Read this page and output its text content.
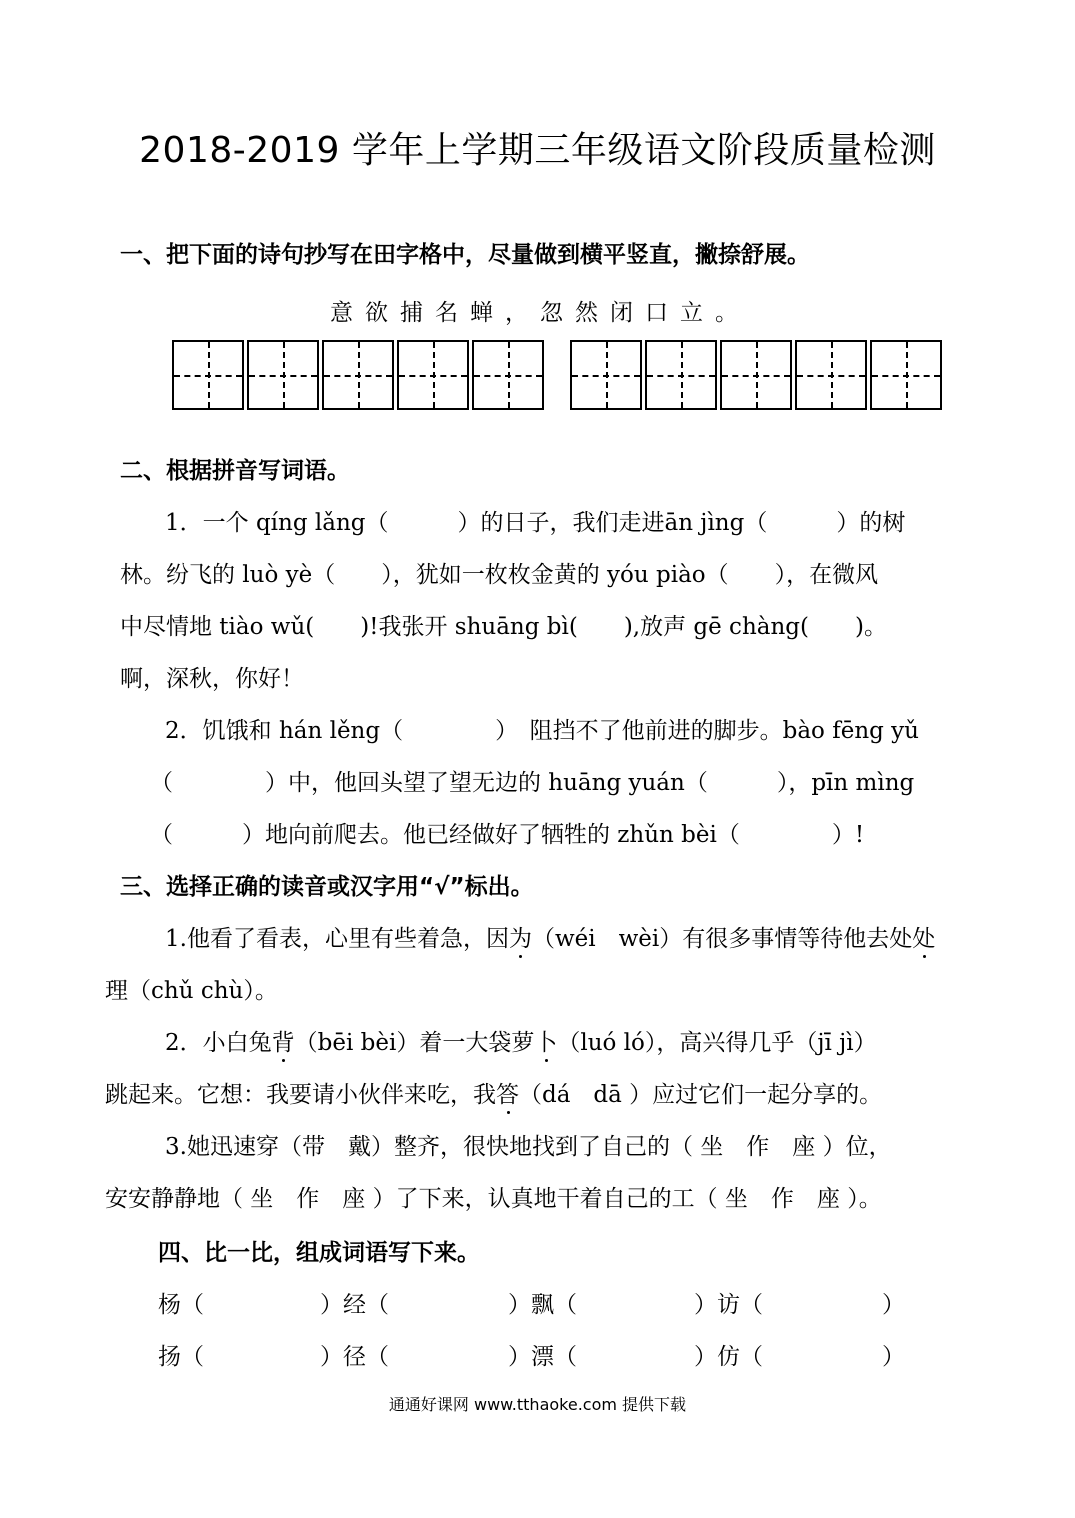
2018-2019 学年上学期三年级语文阶段质量检测
一、把下面的诗句抄写在田字格中，尽量做到横平竖直，撇捺舒展。
意欲捕名蝉，忽然闭口立。
二、根据拼音写词语。
1．一个 qíng lǎng（　　　）的日子，我们走进ān jìng（　　　）的树
林。纷飞的 luò yè（　　），犹如一枚枚金黄的 yóu piào（　　），在微风
中尽情地 tiào wǔ(　　)!我张开 shuāng bì(　　),放声 gē chàng(　　)。
啊，深秋，你好！
2．饥饿和 hán lěng（　　　　）　阻挡不了他前进的脚步。bào fēng yǔ
（　　　　）中，他回头望了望无边的 huāng yuán（　　　），pīn mìng
（　　　）地向前爬去。他已经做好了牺牲的 zhǔn bèi（　　　　）!
三、选择正确的读音或汉字用“√”标出。
1.他看了看表，心里有些着急，因为（wéi　wèi）有很多事情等待他去处处
理（chǔ chù）。
2．小白兔背（bēi bèi）着一大袋萝卜（luó ló），高兴得几乎（jī jì）
跳起来。它想：我要请小伙伴来吃，我答（dá　dā ）应过它们一起分享的。
3.她迅速穿（带　戴）整齐，很快地找到了自己的（ 坐　作　座 ）位，
安安静静地（ 坐　作　座 ）了下来，认真地干着自己的工（ 坐　作　座 ）。
四、比一比，组成词语写下来。
杨（	）经（	）飘（	）访（	）
扬（	）径（	）漂（	）仿（	）
通通好课网 www.tthaoke.com 提供下载
